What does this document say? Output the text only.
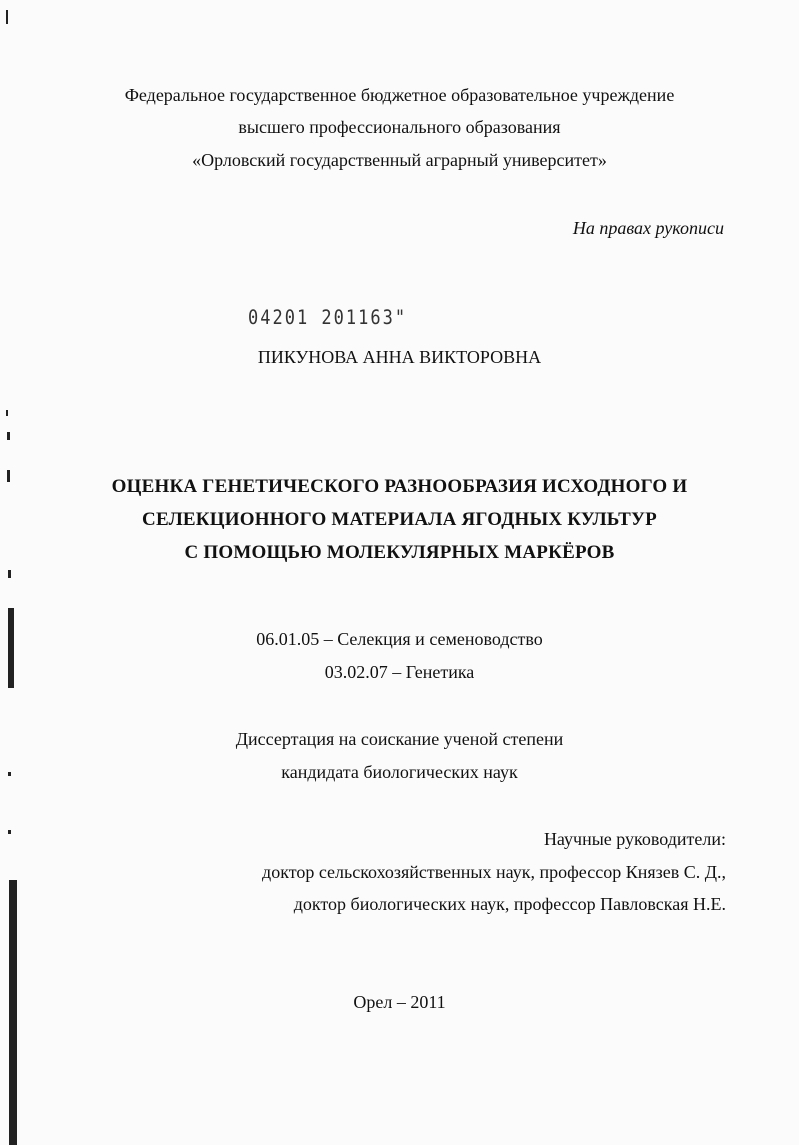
Федеральное государственное бюджетное образовательное учреждение
высшего профессионального образования
«Орловский государственный аграрный университет»
На правах рукописи
04201 201163"
ПИКУНОВА АННА ВИКТОРОВНА
ОЦЕНКА ГЕНЕТИЧЕСКОГО РАЗНООБРАЗИЯ ИСХОДНОГО И
СЕЛЕКЦИОННОГО МАТЕРИАЛА ЯГОДНЫХ КУЛЬТУР
С ПОМОЩЬЮ МОЛЕКУЛЯРНЫХ МАРКЁРОВ
06.01.05 – Селекция и семеноводство
03.02.07 – Генетика
Диссертация на соискание ученой степени
кандидата биологических наук
Научные руководители:
доктор сельскохозяйственных наук, профессор Князев С. Д.,
доктор биологических наук, профессор Павловская Н.Е.
Орел – 2011
